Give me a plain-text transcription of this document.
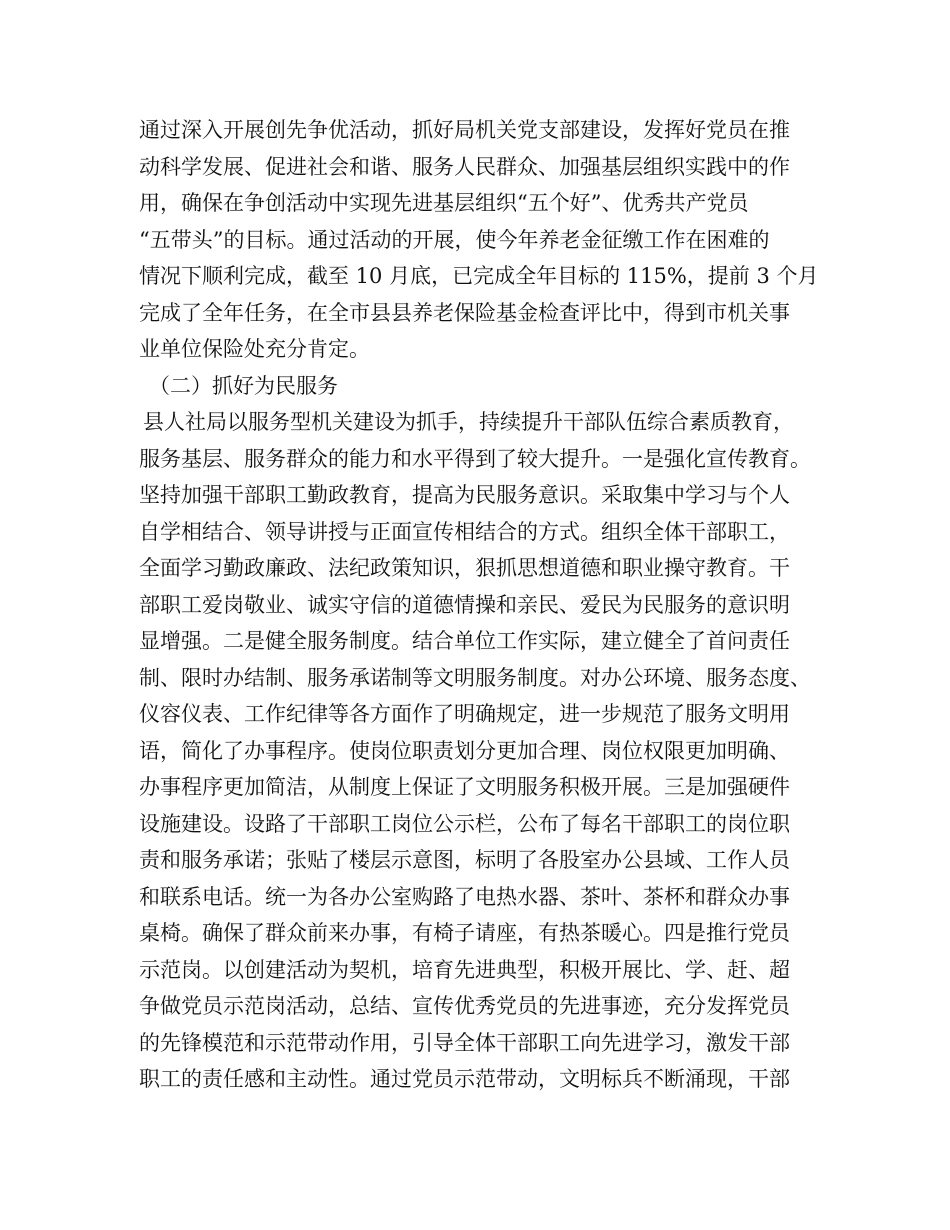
通过深入开展创先争优活动，抓好局机关党支部建设，发挥好党员在推
动科学发展、促进社会和谐、服务人民群众、加强基层组织实践中的作
用，确保在争创活动中实现先进基层组织“五个好”、优秀共产党员
“五带头”的目标。通过活动的开展，使今年养老金征缴工作在困难的
情况下顺利完成，截至 10 月底，已完成全年目标的 115%，提前 3 个月
完成了全年任务，在全市县县养老保险基金检查评比中，得到市机关事
业单位保险处充分肯定。
（二）抓好为民服务
县人社局以服务型机关建设为抓手，持续提升干部队伍综合素质教育，
服务基层、服务群众的能力和水平得到了较大提升。一是强化宣传教育。
坚持加强干部职工勤政教育，提高为民服务意识。采取集中学习与个人
自学相结合、领导讲授与正面宣传相结合的方式。组织全体干部职工，
全面学习勤政廉政、法纪政策知识，狠抓思想道德和职业操守教育。干
部职工爱岗敬业、诚实守信的道德情操和亲民、爱民为民服务的意识明
显增强。二是健全服务制度。结合单位工作实际，建立健全了首问责任
制、限时办结制、服务承诺制等文明服务制度。对办公环境、服务态度、
仪容仪表、工作纪律等各方面作了明确规定，进一步规范了服务文明用
语，简化了办事程序。使岗位职责划分更加合理、岗位权限更加明确、
办事程序更加简洁，从制度上保证了文明服务积极开展。三是加强硬件
设施建设。设路了干部职工岗位公示栏，公布了每名干部职工的岗位职
责和服务承诺；张贴了楼层示意图，标明了各股室办公县域、工作人员
和联系电话。统一为各办公室购路了电热水器、茶叶、茶杯和群众办事
桌椅。确保了群众前来办事，有椅子请座，有热茶暖心。四是推行党员
示范岗。以创建活动为契机，培育先进典型，积极开展比、学、赶、超
争做党员示范岗活动，总结、宣传优秀党员的先进事迹，充分发挥党员
的先锋模范和示范带动作用，引导全体干部职工向先进学习，激发干部
职工的责任感和主动性。通过党员示范带动，文明标兵不断涌现，干部
